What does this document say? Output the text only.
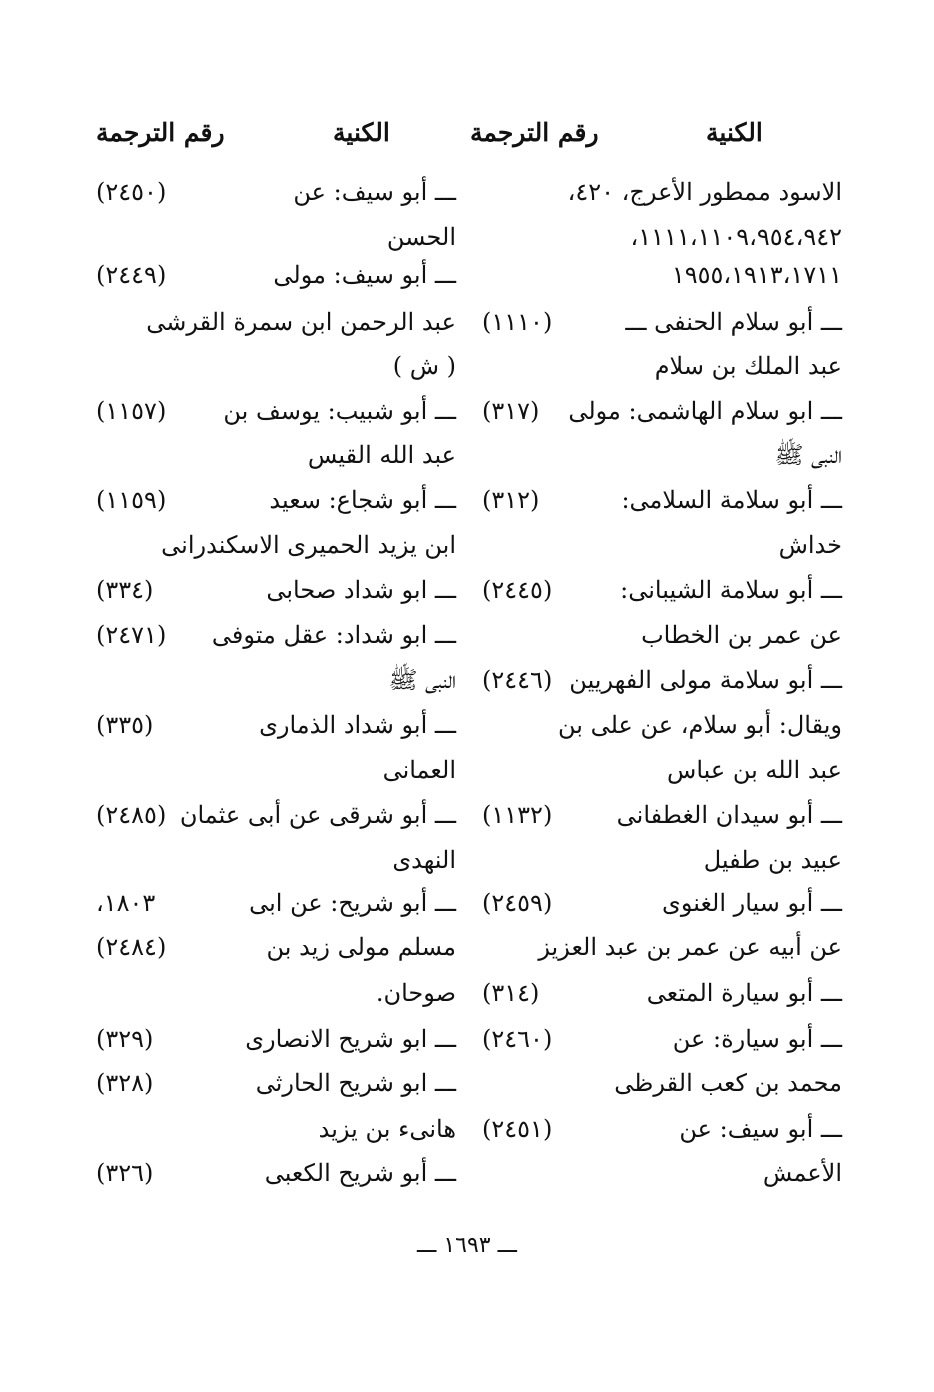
الكنية
رقم الترجمة
الكنية
رقم الترجمة
الاسود ممطور الأعرج، ٤٢٠،
١١١١،١١٠٩،٩٥٤،٩٤٢،
١٩٥٥،١٩١٣،١٧١١
ـــ أبو سلام الحنفى ـــ
(١١١٠)
عبد الملك بن سلام
ـــ ابو سلام الهاشمى: مولى
(٣١٧)
النبى ﷺ
ـــ أبو سلامة السلامى:
(٣١٢)
خداش
ـــ أبو سلامة الشيبانى:
(٢٤٤٥)
عن عمر بن الخطاب
ـــ أبو سلامة مولى الفهريين
(٢٤٤٦)
ويقال: أبو سلام، عن على بن
عبد الله بن عباس
ـــ أبو سيدان الغطفانى
(١١٣٢)
عبيد بن طفيل
ـــ أبو سيار الغنوى
(٢٤٥٩)
عن أبيه عن عمر بن عبد العزيز
ـــ أبو سيارة المتعى
(٣١٤)
ـــ أبو سيارة: عن
(٢٤٦٠)
محمد بن كعب القرظى
ـــ أبو سيف: عن
(٢٤٥١)
الأعمش
ـــ أبو سيف: عن
(٢٤٥٠)
الحسن
ـــ أبو سيف: مولى
(٢٤٤٩)
عبد الرحمن ابن سمرة القرشى
( ش )
ـــ أبو شبيب: يوسف بن
(١١٥٧)
عبد الله القيس
ـــ أبو شجاع: سعيد
(١١٥٩)
ابن يزيد الحميرى الاسكندرانى
ـــ ابو شداد صحابى
(٣٣٤)
ـــ ابو شداد: عقل متوفى
(٢٤٧١)
النبى ﷺ
ـــ أبو شداد الذمارى
(٣٣٥)
العمانى
ـــ أبو شرقى عن أبى عثمان
(٢٤٨٥)
النهدى
ـــ أبو شريح: عن ابى
١٨٠٣،
مسلم مولى زيد بن
(٢٤٨٤)
صوحان.
ـــ ابو شريح الانصارى
(٣٢٩)
ـــ ابو شريح الحارثى
(٣٢٨)
هانىء بن يزيد
ـــ أبو شريح الكعبى
(٣٢٦)
ـــ ١٦٩٣ ـــ
